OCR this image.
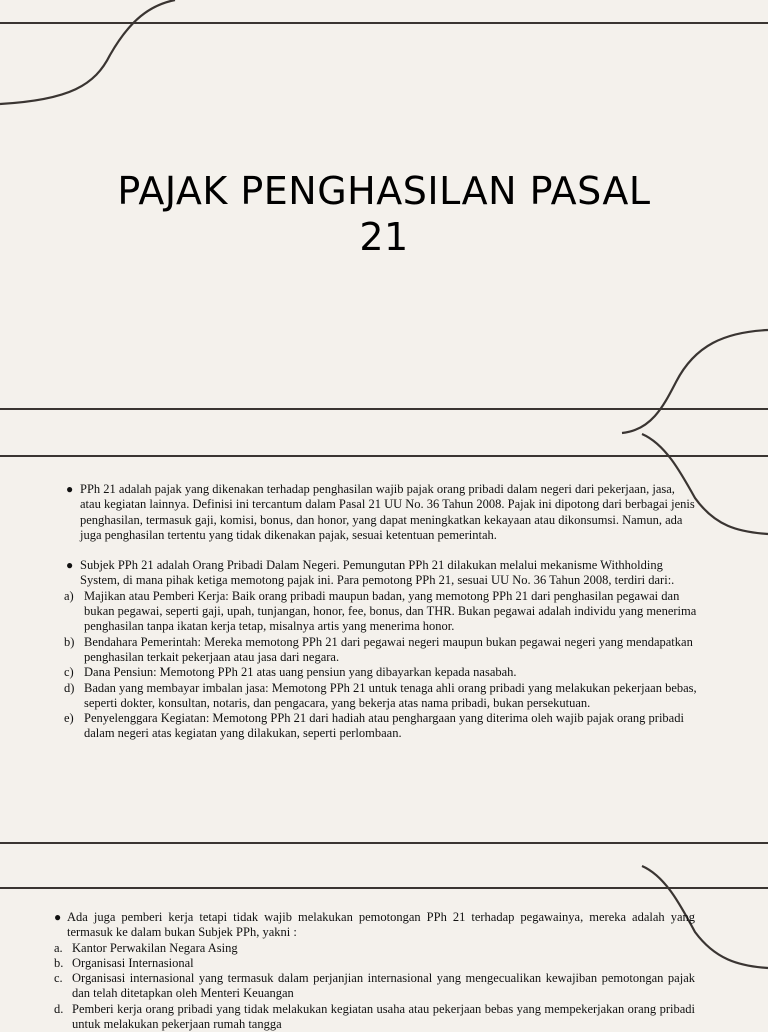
PAJAK PENGHASILAN PASAL
21
● PPh 21 adalah pajak yang dikenakan terhadap penghasilan wajib pajak orang pribadi dalam negeri dari pekerjaan, jasa, atau kegiatan lainnya. Definisi ini tercantum dalam Pasal 21 UU No. 36 Tahun 2008. Pajak ini dipotong dari berbagai jenis penghasilan, termasuk gaji, komisi, bonus, dan honor, yang dapat meningkatkan kekayaan atau dikonsumsi. Namun, ada juga penghasilan tertentu yang tidak dikenakan pajak, sesuai ketentuan pemerintah.
● Subjek PPh 21 adalah Orang Pribadi Dalam Negeri. Pemungutan PPh 21 dilakukan melalui mekanisme Withholding System, di mana pihak ketiga memotong pajak ini. Para pemotong PPh 21, sesuai UU No. 36 Tahun 2008, terdiri dari:.
a) Majikan atau Pemberi Kerja: Baik orang pribadi maupun badan, yang memotong PPh 21 dari penghasilan pegawai dan bukan pegawai, seperti gaji, upah, tunjangan, honor, fee, bonus, dan THR. Bukan pegawai adalah individu yang menerima penghasilan tanpa ikatan kerja tetap, misalnya artis yang menerima honor.
b) Bendahara Pemerintah: Mereka memotong PPh 21 dari pegawai negeri maupun bukan pegawai negeri yang mendapatkan penghasilan terkait pekerjaan atau jasa dari negara.
c) Dana Pensiun: Memotong PPh 21 atas uang pensiun yang dibayarkan kepada nasabah.
d) Badan yang membayar imbalan jasa: Memotong PPh 21 untuk tenaga ahli orang pribadi yang melakukan pekerjaan bebas, seperti dokter, konsultan, notaris, dan pengacara, yang bekerja atas nama pribadi, bukan persekutuan.
e) Penyelenggara Kegiatan: Memotong PPh 21 dari hadiah atau penghargaan yang diterima oleh wajib pajak orang pribadi dalam negeri atas kegiatan yang dilakukan, seperti perlombaan.
● Ada juga pemberi kerja tetapi tidak wajib melakukan pemotongan PPh 21 terhadap pegawainya, mereka adalah yang termasuk ke dalam bukan Subjek PPh, yakni :
a. Kantor Perwakilan Negara Asing
b. Organisasi Internasional
c. Organisasi internasional yang termasuk dalam perjanjian internasional yang mengecualikan kewajiban pemotongan pajak dan telah ditetapkan oleh Menteri Keuangan
d. Pemberi kerja orang pribadi yang tidak melakukan kegiatan usaha atau pekerjaan bebas yang mempekerjakan orang pribadi untuk melakukan pekerjaan rumah tangga
